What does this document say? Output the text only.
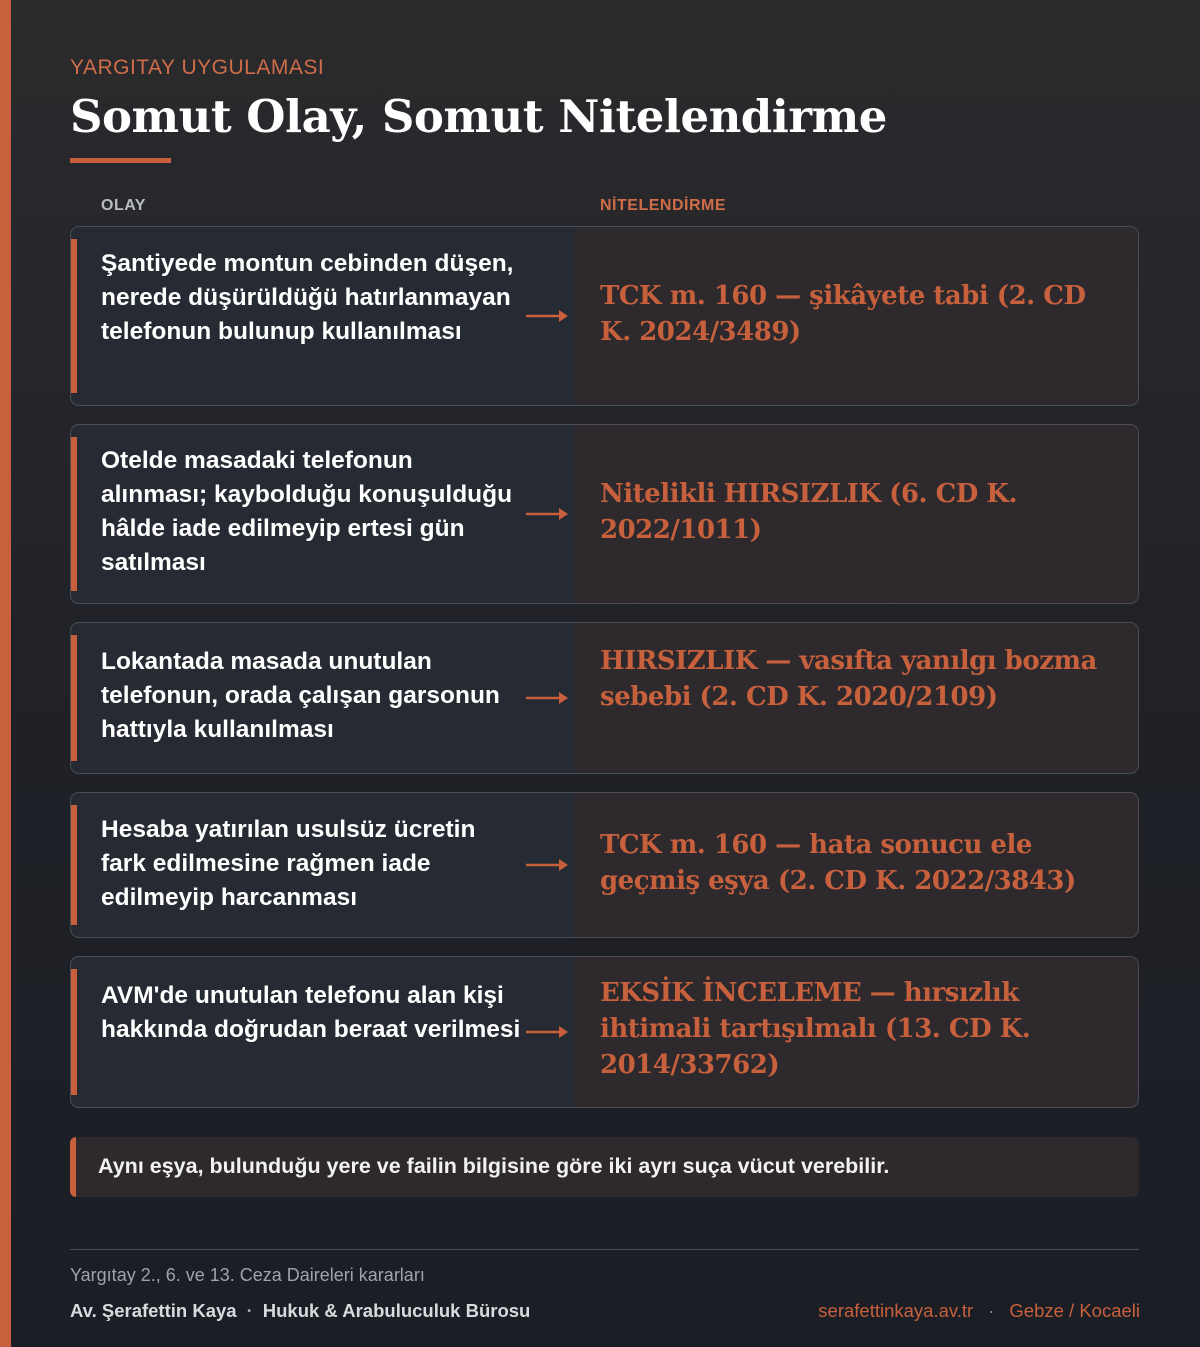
YARGITAY UYGULAMASI
Somut Olay, Somut Nitelendirme
OLAY	NİTELENDİRME
Şantiyede montun cebinden düşen, nerede düşürüldüğü hatırlanmayan telefonun bulunup kullanılması
TCK m. 160 — şikâyete tabi (2. CD K. 2024/3489)
Otelde masadaki telefonun alınması; kaybolduğu konuşulduğu hâlde iade edilmeyip ertesi gün satılması
Nitelikli HIRSIZLIK (6. CD K. 2022/1011)
Lokantada masada unutulan telefonun, orada çalışan garsonun hattıyla kullanılması
HIRSIZLIK — vasıfta yanılgı bozma sebebi (2. CD K. 2020/2109)
Hesaba yatırılan usulsüz ücretin fark edilmesine rağmen iade edilmeyip harcanması
TCK m. 160 — hata sonucu ele geçmiş eşya (2. CD K. 2022/3843)
AVM'de unutulan telefonu alan kişi hakkında doğrudan beraat verilmesi
EKSİK İNCELEME — hırsızlık ihtimali tartışılmalı (13. CD K. 2014/33762)
Aynı eşya, bulunduğu yere ve failin bilgisine göre iki ayrı suça vücut verebilir.
Yargıtay 2., 6. ve 13. Ceza Daireleri kararları
Av. Şerafettin Kaya · Hukuk & Arabuluculuk Bürosu	serafettinkaya.av.tr · Gebze / Kocaeli
